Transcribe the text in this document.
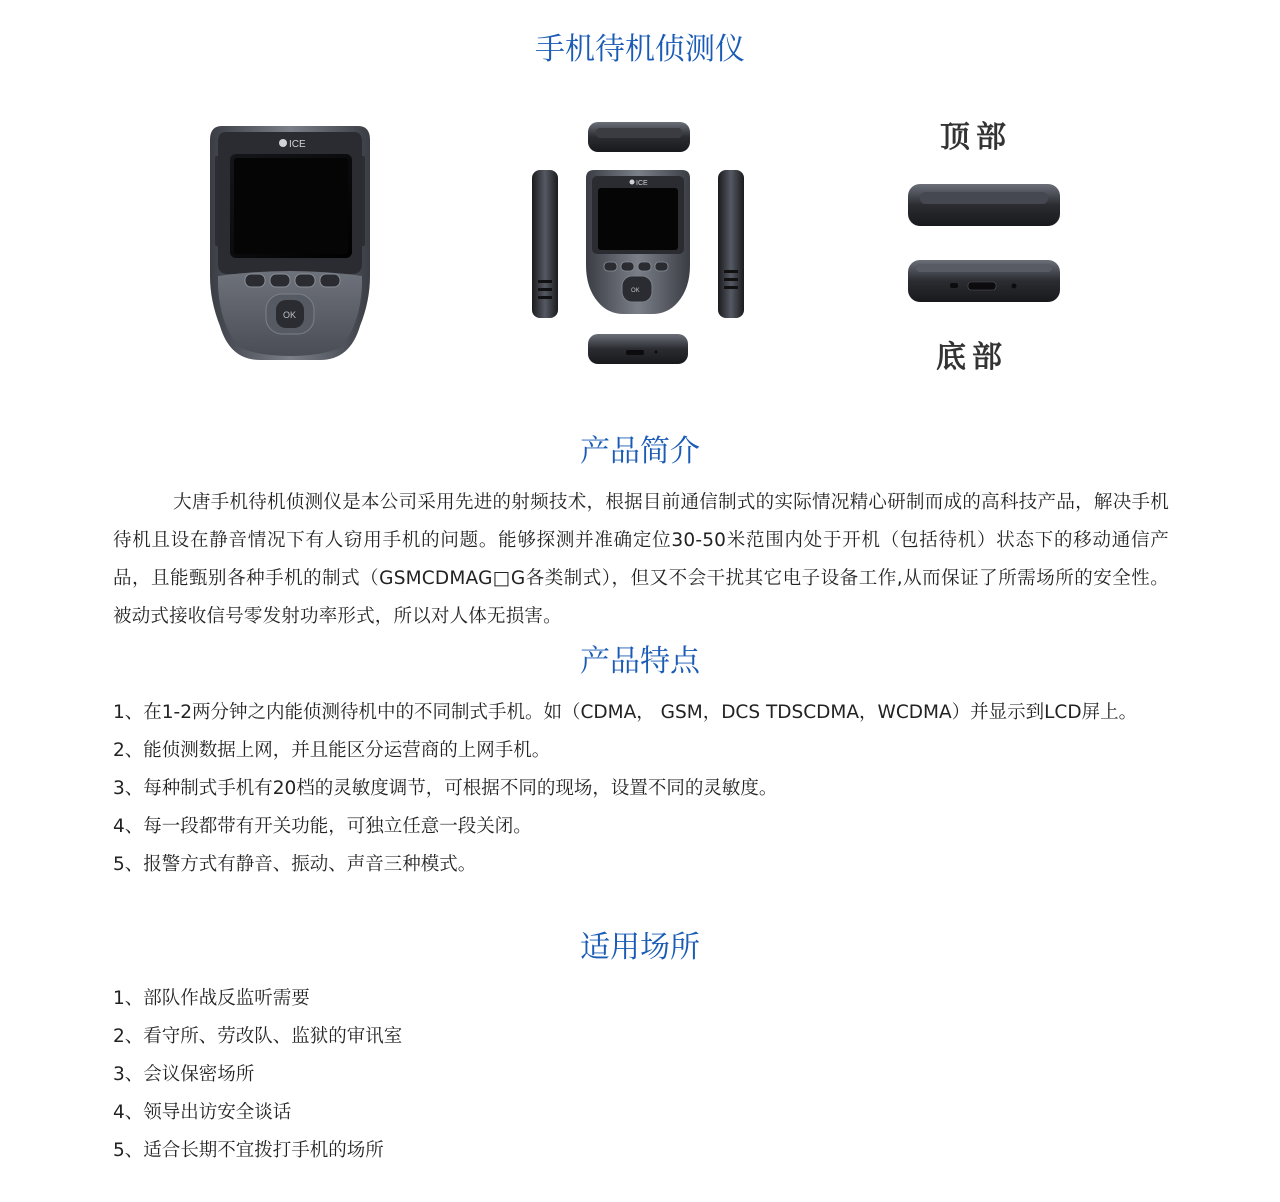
手机待机侦测仪
ICE
OK
ICE
OK
顶部
底部
产品简介

大唐手机待机侦测仪是本公司采用先进的射频技术，根据目前通信制式的实际情况精心研制而成的高科技产品，解决手机待机且设在静音情况下有人窃用手机的问题。能够探测并准确定位30-50米范围内处于开机（包括待机）状态下的移动通信产品，且能甄别各种手机的制式（GSMCDMAG□G各类制式），但又不会干扰其它电子设备工作,从而保证了所需场所的安全性。被动式接收信号零发射功率形式，所以对人体无损害。

产品特点
1、在1-2两分钟之内能侦测待机中的不同制式手机。如（CDMA， GSM，DCS TDSCDMA，WCDMA）并显示到LCD屏上。
2、能侦测数据上网，并且能区分运营商的上网手机。
3、每种制式手机有20档的灵敏度调节，可根据不同的现场，设置不同的灵敏度。
4、每一段都带有开关功能，可独立任意一段关闭。
5、报警方式有静音、振动、声音三种模式。
适用场所
1、部队作战反监听需要
2、看守所、劳改队、监狱的审讯室
3、会议保密场所
4、领导出访安全谈话
5、适合长期不宜拨打手机的场所
